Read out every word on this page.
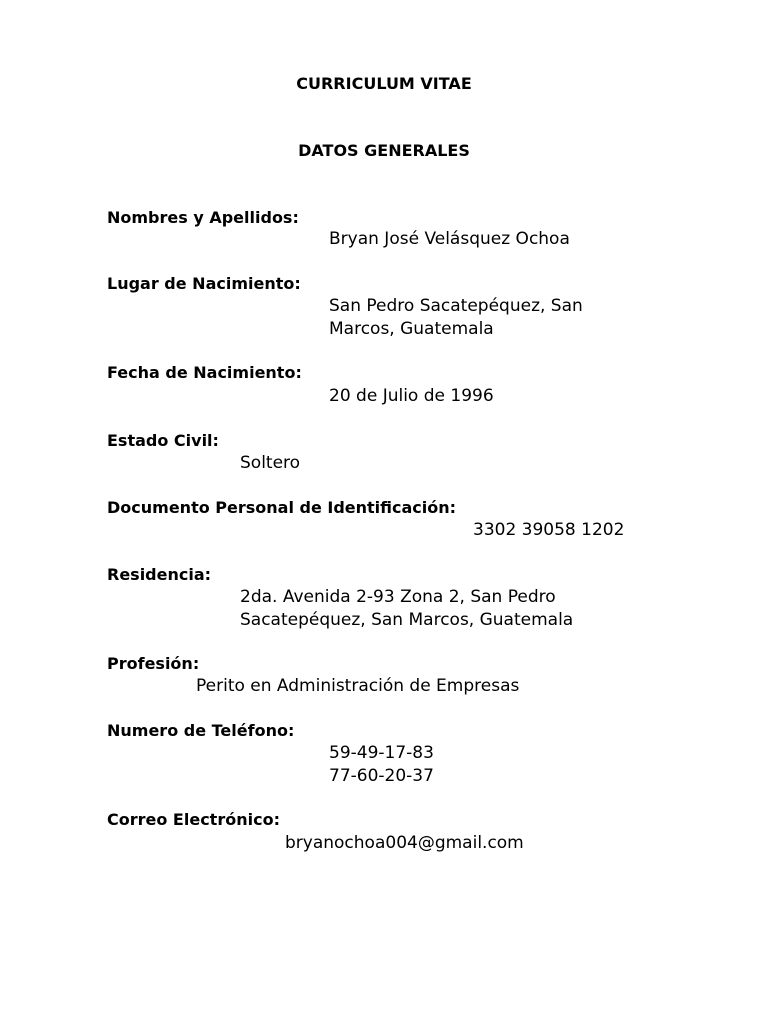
CURRICULUM VITAE
DATOS GENERALES
Nombres y Apellidos:
Bryan José Velásquez Ochoa
Lugar de Nacimiento:
San Pedro Sacatepéquez, San
Marcos, Guatemala
Fecha de Nacimiento:
20 de Julio de 1996
Estado Civil:
Soltero
Documento Personal de Identificación:
3302 39058 1202
Residencia:
2da. Avenida 2-93 Zona 2, San Pedro
Sacatepéquez, San Marcos, Guatemala
Profesión:
Perito en Administración de Empresas
Numero de Teléfono:
59-49-17-83
77-60-20-37
Correo Electrónico:
bryanochoa004@gmail.com
